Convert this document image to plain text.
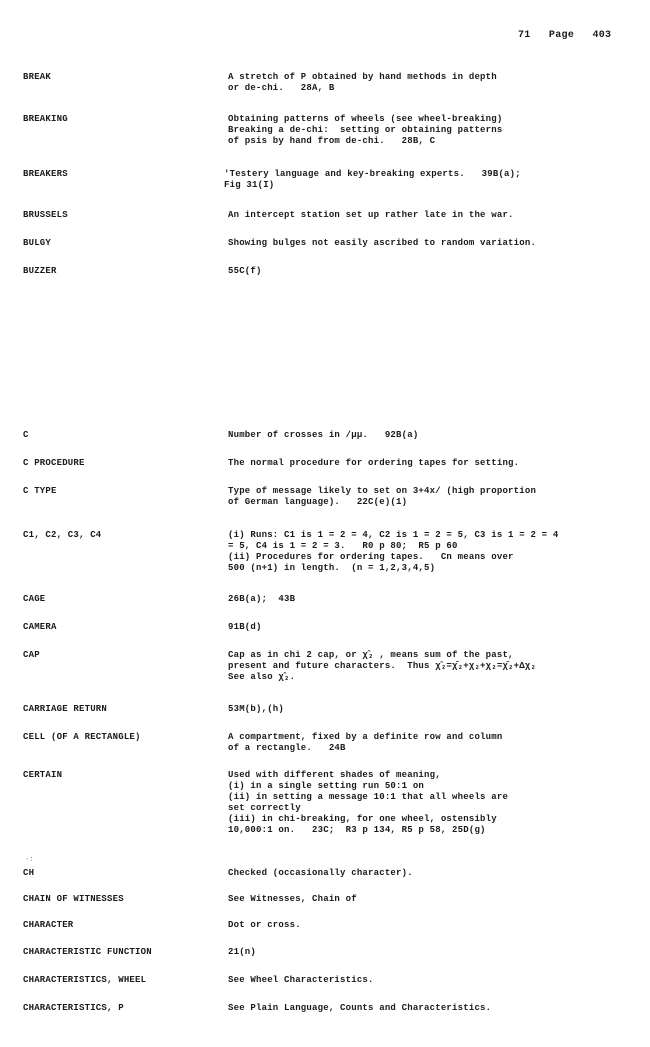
71 Page 403
BREAK	A stretch of P obtained by hand methods in depth
or de-chi.   28A, B
BREAKING	Obtaining patterns of wheels (see wheel-breaking)
Breaking a de-chi:  setting or obtaining patterns
of psis by hand from de-chi.   28B, C
BREAKERS	'Testery language and key-breaking experts.   39B(a);
Fig 31(I)
BRUSSELS	An intercept station set up rather late in the war.
BULGY	Showing bulges not easily ascribed to random variation.
BUZZER	55C(f)
C	Number of crosses in /μμ.   92B(a)
C PROCEDURE	The normal procedure for ordering tapes for setting.
C TYPE	Type of message likely to set on 3+4x/ (high proportion
of German language).   22C(e)(1)
C1, C2, C3, C4	(i) Runs: C1 is 1 = 2 = 4, C2 is 1 = 2 = 5, C3 is 1 = 2 = 4
= 5, C4 is 1 = 2 = 3.   R0 p 80;  R5 p 60
(ii) Procedures for ordering tapes.   Cn means over
500 (n+1) in length.  (n = 1,2,3,4,5)
CAGE	26B(a);  43B
CAMERA	91B(d)
CAP	Cap as in chi 2 cap, or χ̂₂ , means sum of the past,
present and future characters.  Thus χ̂₂=χ̄₂+χ₂+χ₂=χ̄₂+Δχ₂
See also χ̂₂.
CARRIAGE RETURN	53M(b),(h)
CELL (OF A RECTANGLE)	A compartment, fixed by a definite row and column
of a rectangle.   24B
CERTAIN	Used with different shades of meaning,
(i) in a single setting run 50:1 on
(ii) in setting a message 10:1 that all wheels are
set correctly
(iii) in chi-breaking, for one wheel, ostensibly
10,000:1 on.   23C;  R3 p 134, R5 p 58, 25D(g)
·:
CH	Checked (occasionally character).
CHAIN OF WITNESSES	See Witnesses, Chain of
CHARACTER	Dot or cross.
CHARACTERISTIC FUNCTION	21(n)
CHARACTERISTICS, WHEEL	See Wheel Characteristics.
CHARACTERISTICS, P	See Plain Language, Counts and Characteristics.
